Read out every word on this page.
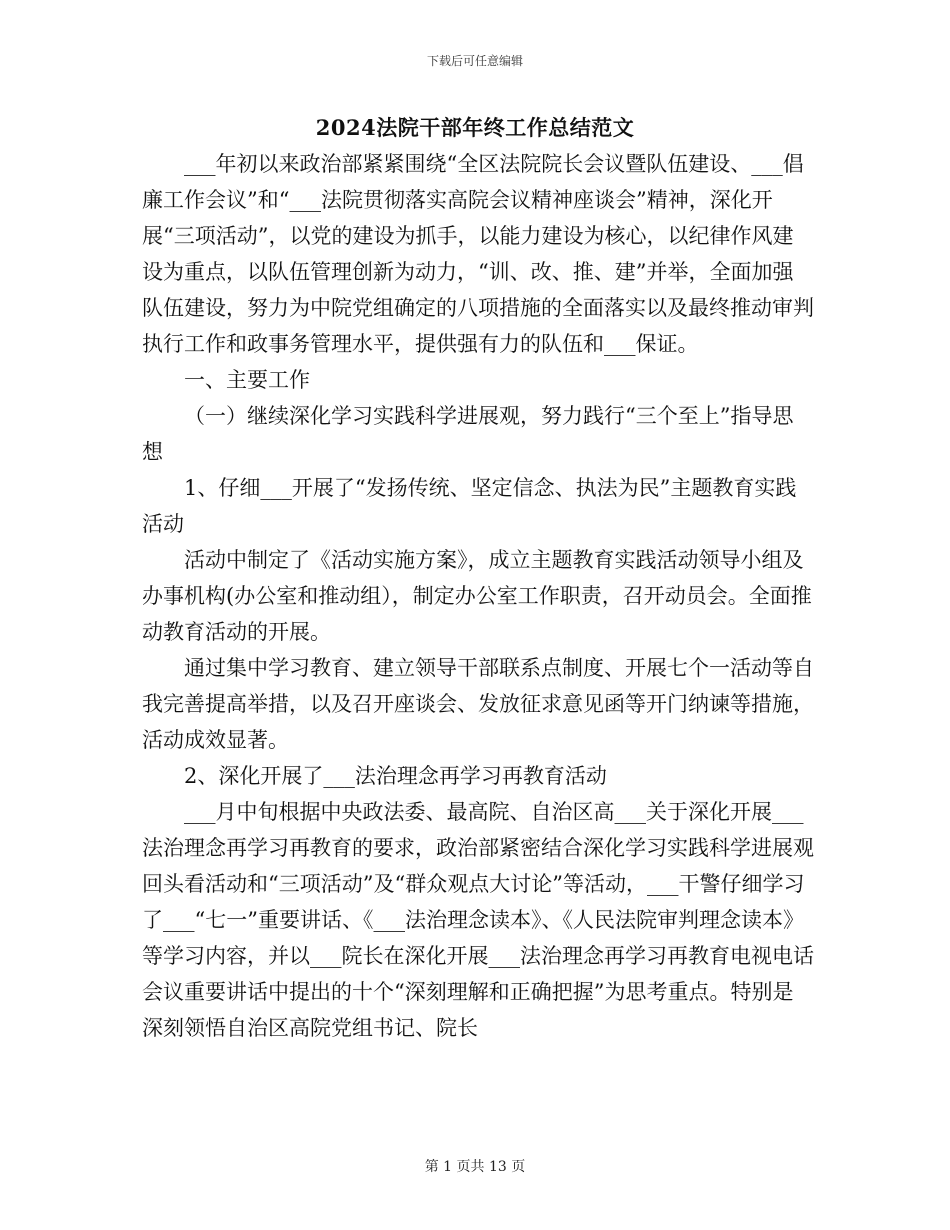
下载后可任意编辑
2024法院干部年终工作总结范文

___年初以来政治部紧紧围绕“全区法院院长会议暨队伍建设、___倡廉工作会议”和“___法院贯彻落实高院会议精神座谈会”精神，深化开展“三项活动”，以党的建设为抓手，以能力建设为核心，以纪律作风建设为重点，以队伍管理创新为动力，“训、改、推、建”并举，全面加强队伍建设，努力为中院党组确定的八项措施的全面落实以及最终推动审判执行工作和政事务管理水平，提供强有力的队伍和___保证。

一、主要工作

（一）继续深化学习实践科学进展观，努力践行“三个至上”指导思想

1、仔细___开展了“发扬传统、坚定信念、执法为民”主题教育实践活动

活动中制定了《活动实施方案》，成立主题教育实践活动领导小组及办事机构(办公室和推动组），制定办公室工作职责，召开动员会。全面推动教育活动的开展。

通过集中学习教育、建立领导干部联系点制度、开展七个一活动等自我完善提高举措，以及召开座谈会、发放征求意见函等开门纳谏等措施，活动成效显著。

2、深化开展了___法治理念再学习再教育活动

___月中旬根据中央政法委、最高院、自治区高___关于深化开展___法治理念再学习再教育的要求，政治部紧密结合深化学习实践科学进展观回头看活动和“三项活动”及“群众观点大讨论”等活动，___干警仔细学习了___“七一”重要讲话、《___法治理念读本》、《人民法院审判理念读本》等学习内容，并以___院长在深化开展___法治理念再学习再教育电视电话会议重要讲话中提出的十个“深刻理解和正确把握”为思考重点。特别是深刻领悟自治区高院党组书记、院长

第 1 页共 13 页
